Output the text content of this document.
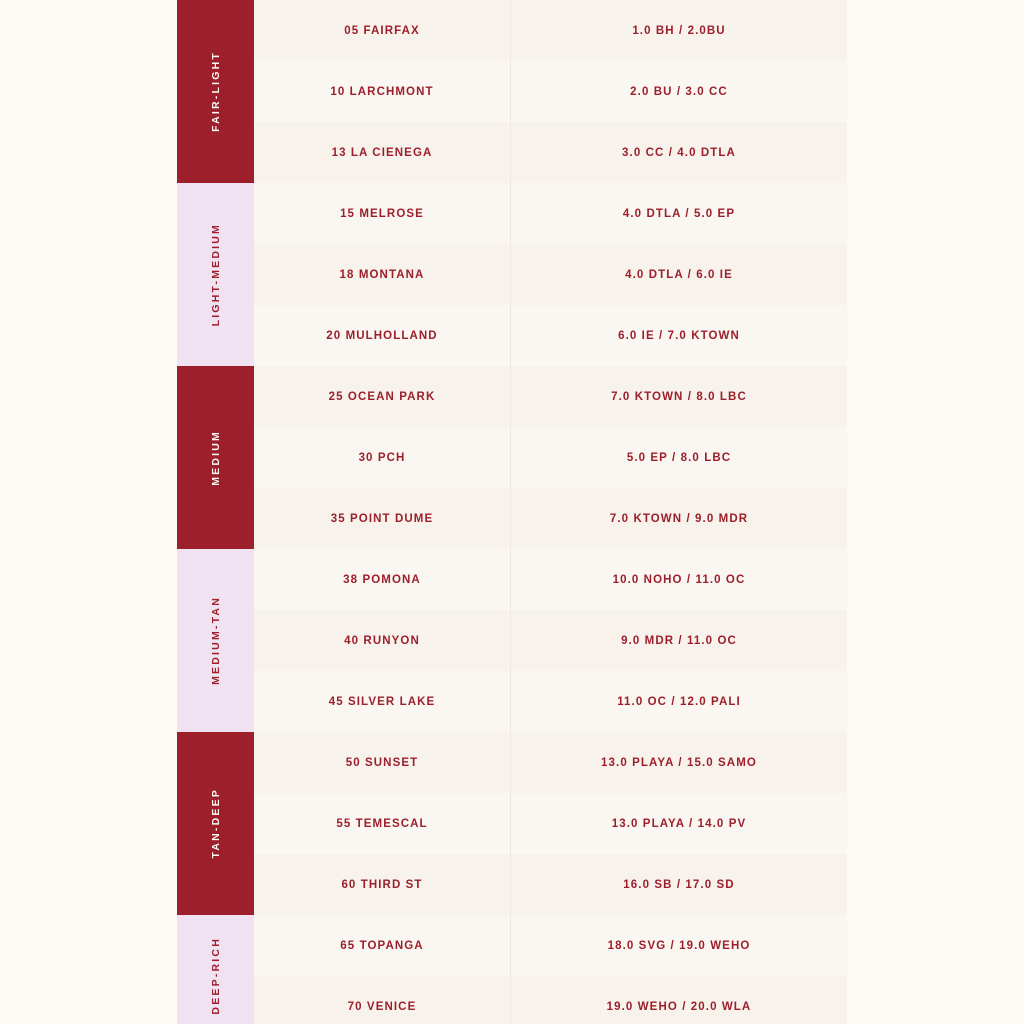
FAIR-LIGHT
05 FAIRFAX	1.0 BH / 2.0BU
10 LARCHMONT	2.0 BU / 3.0 CC
13 LA CIENEGA	3.0 CC / 4.0 DTLA
LIGHT-MEDIUM
15 MELROSE	4.0 DTLA / 5.0 EP
18 MONTANA	4.0 DTLA / 6.0 IE
20 MULHOLLAND	6.0 IE / 7.0 KTOWN
MEDIUM
25 OCEAN PARK	7.0 KTOWN / 8.0 LBC
30 PCH	5.0 EP / 8.0 LBC
35 POINT DUME	7.0 KTOWN / 9.0 MDR
MEDIUM-TAN
38 POMONA	10.0 NOHO / 11.0 OC
40 RUNYON	9.0 MDR / 11.0 OC
45 SILVER LAKE	11.0 OC / 12.0 PALI
TAN-DEEP
50 SUNSET	13.0 PLAYA / 15.0 SAMO
55 TEMESCAL	13.0 PLAYA / 14.0 PV
60 THIRD ST	16.0 SB / 17.0 SD
DEEP-RICH	65 TOPANGA	18.0 SVG / 19.0 WEHO
70 VENICE	19.0 WEHO / 20.0 WLA
